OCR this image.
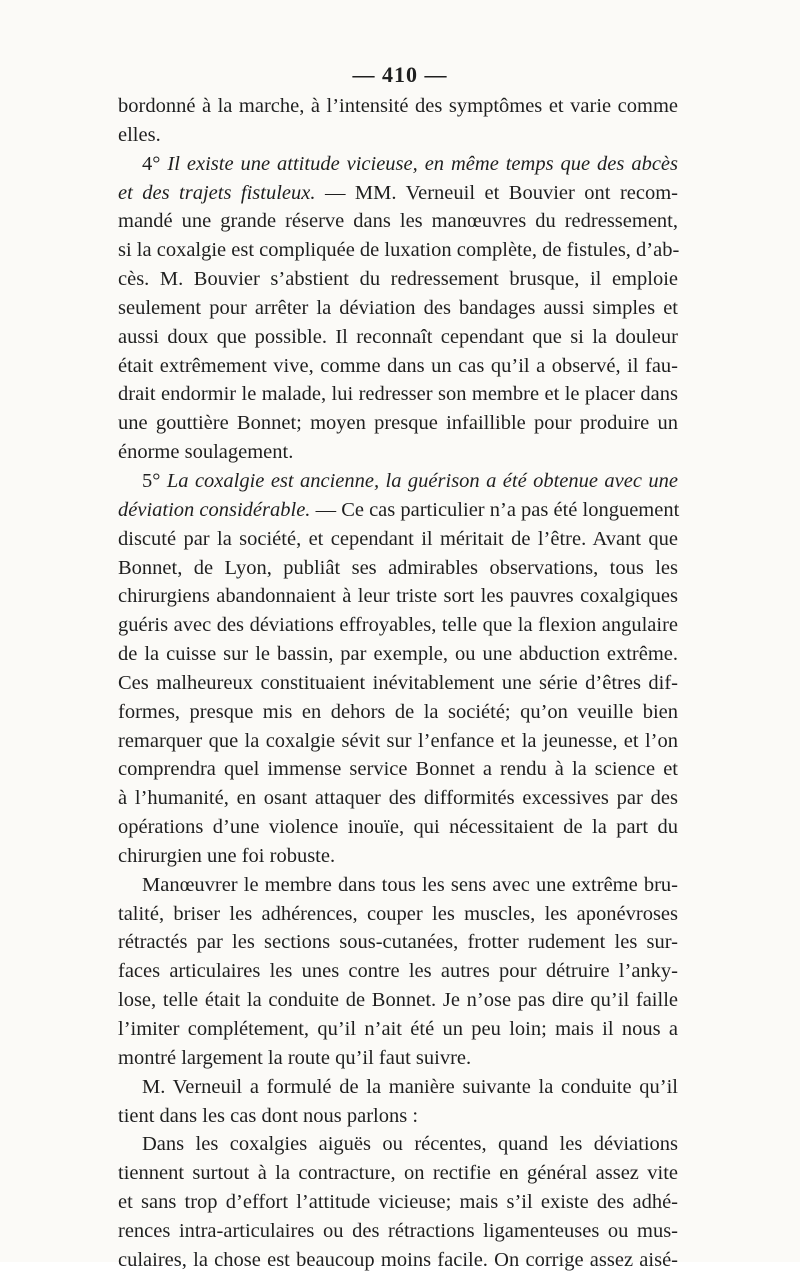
— 410 —
bordonné à la marche, à l’intensité des symptômes et varie comme
elles.
4° Il existe une attitude vicieuse, en même temps que des abcès
et des trajets fistuleux. — MM. Verneuil et Bouvier ont recom-
mandé une grande réserve dans les manœuvres du redressement,
si la coxalgie est compliquée de luxation complète, de fistules, d’ab-
cès. M. Bouvier s’abstient du redressement brusque, il emploie
seulement pour arrêter la déviation des bandages aussi simples et
aussi doux que possible. Il reconnaît cependant que si la douleur
était extrêmement vive, comme dans un cas qu’il a observé, il fau-
drait endormir le malade, lui redresser son membre et le placer dans
une gouttière Bonnet; moyen presque infaillible pour produire un
énorme soulagement.
5° La coxalgie est ancienne, la guérison a été obtenue avec une
déviation considérable. — Ce cas particulier n’a pas été longuement
discuté par la société, et cependant il méritait de l’être. Avant que
Bonnet, de Lyon, publiât ses admirables observations, tous les
chirurgiens abandonnaient à leur triste sort les pauvres coxalgiques
guéris avec des déviations effroyables, telle que la flexion angulaire
de la cuisse sur le bassin, par exemple, ou une abduction extrême.
Ces malheureux constituaient inévitablement une série d’êtres dif-
formes, presque mis en dehors de la société; qu’on veuille bien
remarquer que la coxalgie sévit sur l’enfance et la jeunesse, et l’on
comprendra quel immense service Bonnet a rendu à la science et
à l’humanité, en osant attaquer des difformités excessives par des
opérations d’une violence inouïe, qui nécessitaient de la part du
chirurgien une foi robuste.
Manœuvrer le membre dans tous les sens avec une extrême bru-
talité, briser les adhérences, couper les muscles, les aponévroses
rétractés par les sections sous-cutanées, frotter rudement les sur-
faces articulaires les unes contre les autres pour détruire l’anky-
lose, telle était la conduite de Bonnet. Je n’ose pas dire qu’il faille
l’imiter complétement, qu’il n’ait été un peu loin; mais il nous a
montré largement la route qu’il faut suivre.
M. Verneuil a formulé de la manière suivante la conduite qu’il
tient dans les cas dont nous parlons :
Dans les coxalgies aiguës ou récentes, quand les déviations
tiennent surtout à la contracture, on rectifie en général assez vite
et sans trop d’effort l’attitude vicieuse; mais s’il existe des adhé-
rences intra-articulaires ou des rétractions ligamenteuses ou mus-
culaires, la chose est beaucoup moins facile. On corrige assez aisé-
